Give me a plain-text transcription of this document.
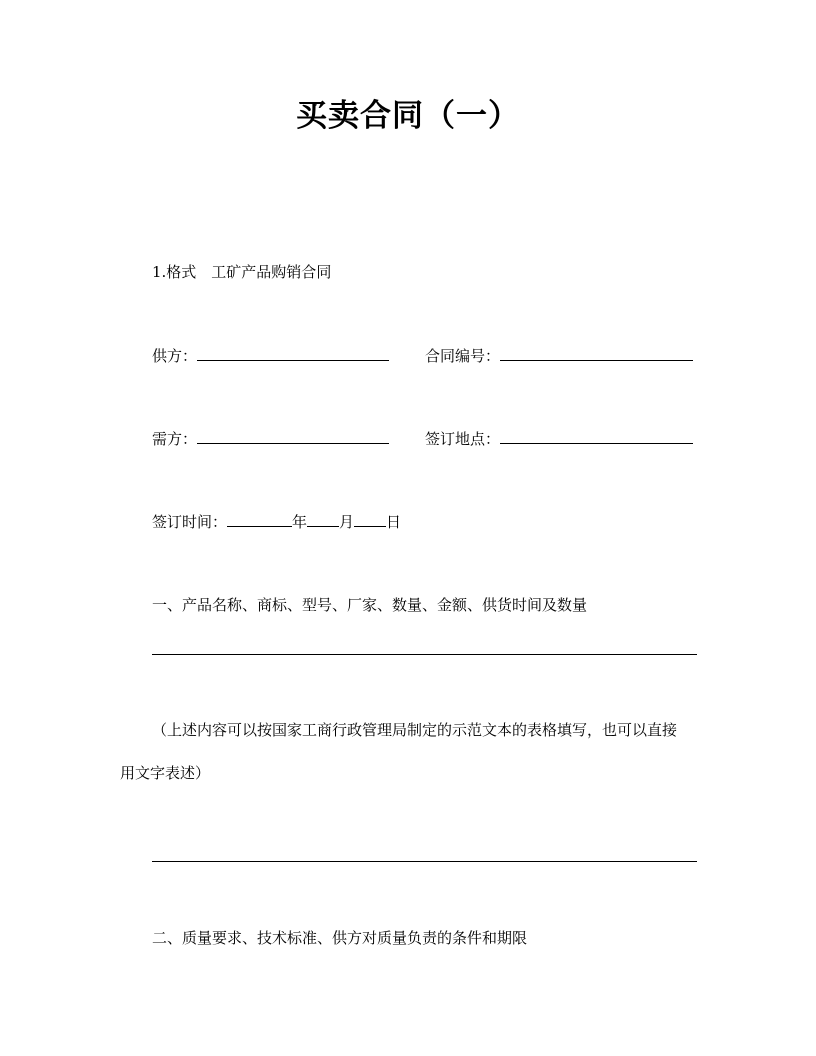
买卖合同（一）
1.格式　工矿产品购销合同
供方：	合同编号：
需方：	签订地点：
签订时间：	年 月 日
一、产品名称、商标、型号、厂家、数量、金额、供货时间及数量
（上述内容可以按国家工商行政管理局制定的示范文本的表格填写，也可以直接
用文字表述）
二、质量要求、技术标准、供方对质量负责的条件和期限
